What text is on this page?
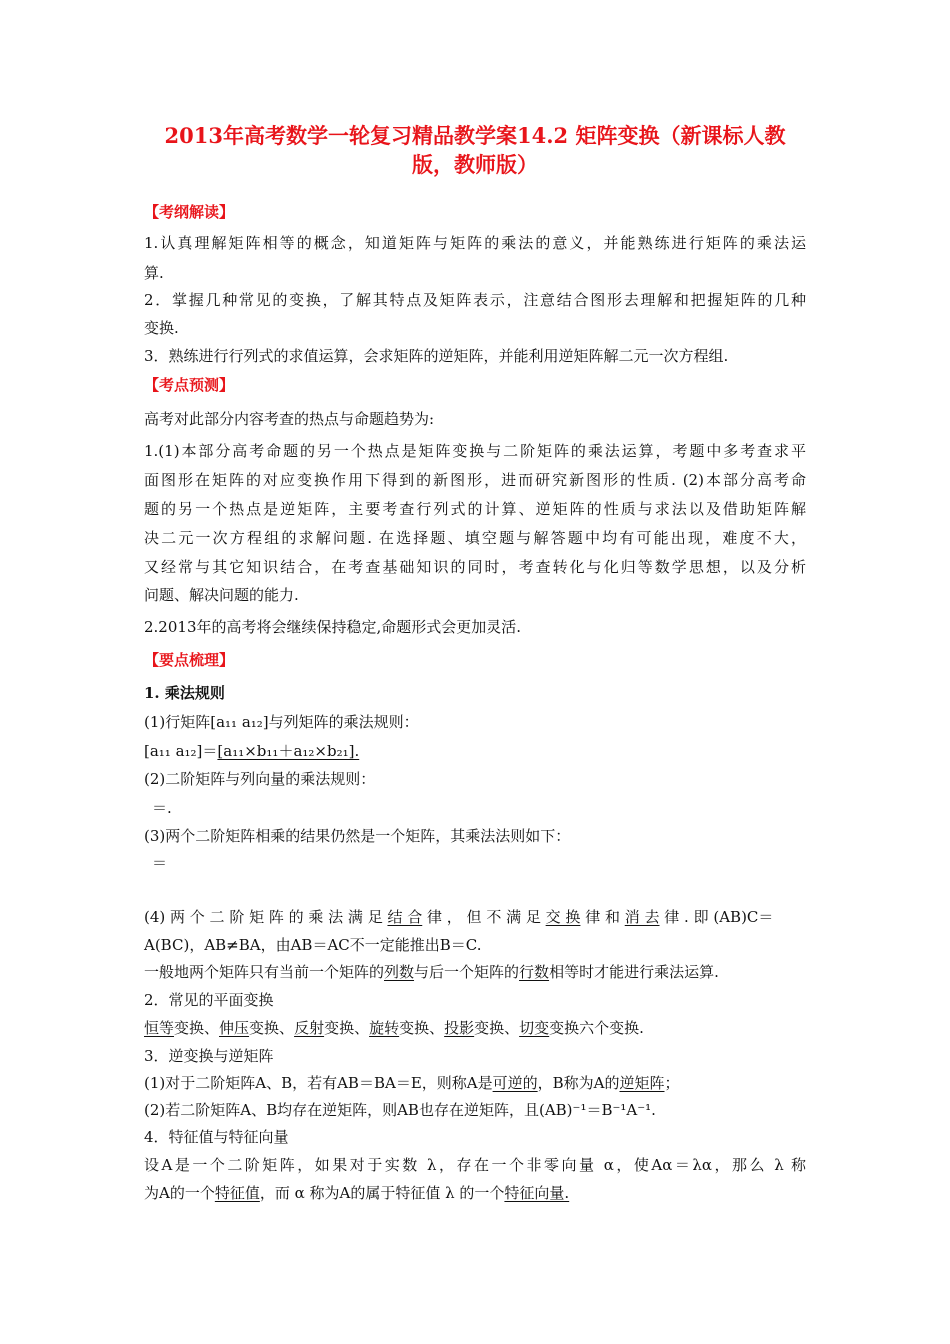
2013年高考数学一轮复习精品教学案14.2 矩阵变换（新课标人教
版，教师版）
【考纲解读】
1.认真理解矩阵相等的概念，知道矩阵与矩阵的乘法的意义，并能熟练进行矩阵的乘法运
算.
2．掌握几种常见的变换，了解其特点及矩阵表示，注意结合图形去理解和把握矩阵的几种
变换.
3．熟练进行行列式的求值运算，会求矩阵的逆矩阵，并能利用逆矩阵解二元一次方程组.
【考点预测】
高考对此部分内容考查的热点与命题趋势为:
1.(1)本部分高考命题的另一个热点是矩阵变换与二阶矩阵的乘法运算，考题中多考查求平
面图形在矩阵的对应变换作用下得到的新图形，进而研究新图形的性质. (2)本部分高考命
题的另一个热点是逆矩阵，主要考查行列式的计算、逆矩阵的性质与求法以及借助矩阵解
决二元一次方程组的求解问题. 在选择题、填空题与解答题中均有可能出现，难度不大，
又经常与其它知识结合，在考查基础知识的同时，考查转化与化归等数学思想，以及分析
问题、解决问题的能力.
2.2013年的高考将会继续保持稳定,命题形式会更加灵活.
【要点梳理】
1. 乘法规则
(1)行矩阵[a₁₁ a₁₂]与列矩阵的乘法规则：
[a₁₁ a₁₂]＝[a₁₁×b₁₁＋a₁₂×b₂₁].
(2)二阶矩阵与列向量的乘法规则：
＝.
(3)两个二阶矩阵相乘的结果仍然是一个矩阵，其乘法法则如下：
＝
(4) 两 个 二 阶 矩 阵 的 乘 法 满 足 结 合 律 ， 但 不 满 足 交 换 律 和 消 去 律 . 即 (AB)C＝
A(BC)，AB≠BA，由AB＝AC不一定能推出B＝C.
一般地两个矩阵只有当前一个矩阵的列数与后一个矩阵的行数相等时才能进行乘法运算.
2．常见的平面变换
恒等变换、伸压变换、反射变换、旋转变换、投影变换、切变变换六个变换.
3．逆变换与逆矩阵
(1)对于二阶矩阵A、B，若有AB＝BA＝E，则称A是可逆的，B称为A的逆矩阵；
(2)若二阶矩阵A、B均存在逆矩阵，则AB也存在逆矩阵，且(AB)⁻¹＝B⁻¹A⁻¹.
4．特征值与特征向量
设A是一个二阶矩阵，如果对于实数 λ，存在一个非零向量 α，使Aα＝λα，那么 λ 称
为A的一个特征值，而 α 称为A的属于特征值 λ 的一个特征向量.
